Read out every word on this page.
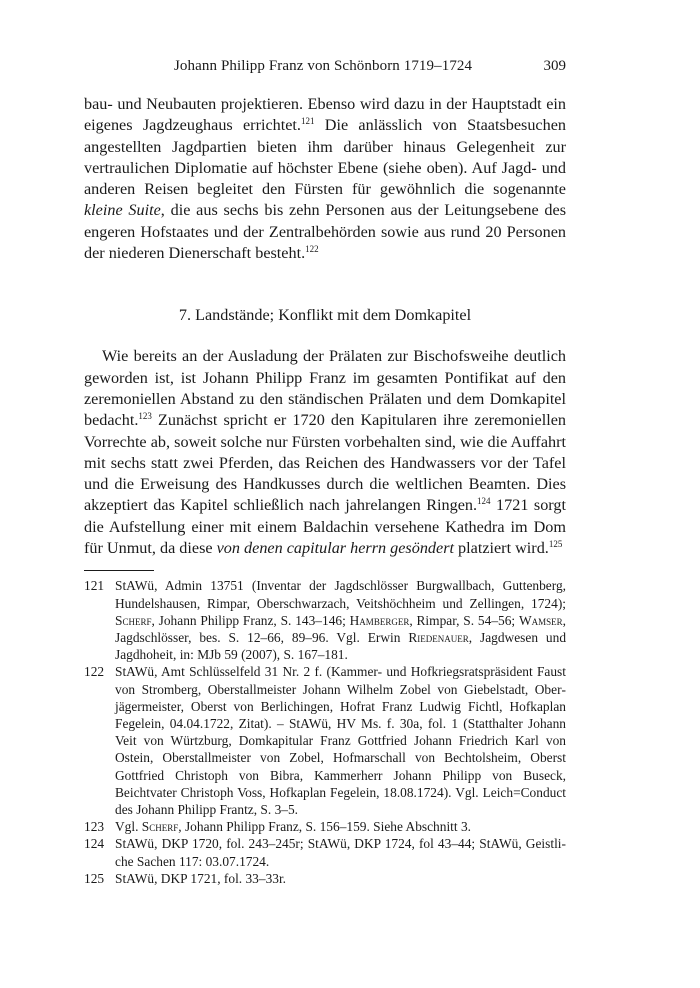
Johann Philipp Franz von Schönborn 1719–1724	309

bau- und Neubauten projektieren. Ebenso wird dazu in der Hauptstadt ein eigenes Jagdzeughaus errichtet.$^{121}$ Die anlässlich von Staatsbesuchen angestellten Jagdpartien bieten ihm darüber hinaus Gelegenheit zur vertraulichen Diplomatie auf höchster Ebene (siehe oben). Auf Jagd- und anderen Reisen begleitet den Fürsten für gewöhnlich die sogenannte kleine Suite, die aus sechs bis zehn Personen aus der Leitungsebene des engeren Hofstaates und der Zentralbehörden sowie aus rund 20 Personen der niederen Dienerschaft besteht.$^{122}$

7. Landstände; Konflikt mit dem Domkapitel

Wie bereits an der Ausladung der Prälaten zur Bischofsweihe deutlich geworden ist, ist Johann Philipp Franz im gesamten Pontifikat auf den zeremoniellen Abstand zu den ständischen Prälaten und dem Domkapitel bedacht.$^{123}$ Zunächst spricht er 1720 den Kapitularen ihre zeremoniellen Vorrechte ab, soweit solche nur Fürsten vorbehalten sind, wie die Auffahrt mit sechs statt zwei Pferden, das Reichen des Handwassers vor der Tafel und die Erweisung des Handkusses durch die weltlichen Beamten. Dies akzeptiert das Kapitel schließlich nach jahrelangen Ringen.$^{124}$ 1721 sorgt die Aufstellung einer mit einem Baldachin versehene Kathedra im Dom für Unmut, da diese von denen capitular herrn gesöndert platziert wird.$^{125}$

121 StAWü, Admin 13751 (Inventar der Jagdschlösser Burgwallbach, Guttenberg, Hundelshausen, Rimpar, Oberschwarzach, Veitshöchheim und Zellingen, 1724); Scherf, Johann Philipp Franz, S. 143–146; Hamberger, Rimpar, S. 54–56; Wamser, Jagdschlösser, bes. S. 12–66, 89–96. Vgl. Erwin Riedenauer, Jagdwesen und Jagdhoheit, in: MJb 59 (2007), S. 167–181.
122 StAWü, Amt Schlüsselfeld 31 Nr. 2 f. (Kammer- und Hofkriegsratspräsident Faust von Stromberg, Oberstallmeister Johann Wilhelm Zobel von Giebelstadt, Oberjägermeister, Oberst von Berlichingen, Hofrat Franz Ludwig Fichtl, Hofkaplan Fegelein, 04.04.1722, Zitat). – StAWü, HV Ms. f. 30a, fol. 1 (Statthalter Johann Veit von Würtzburg, Domkapitular Franz Gottfried Johann Friedrich Karl von Ostein, Oberstallmeister von Zobel, Hofmarschall von Bechtolsheim, Oberst Gottfried Christoph von Bibra, Kammerherr Johann Philipp von Buseck, Beichtvater Christoph Voss, Hofkaplan Fegelein, 18.08.1724). Vgl. Leich=Conduct des Johann Philipp Frantz, S. 3–5.
123 Vgl. Scherf, Johann Philipp Franz, S. 156–159. Siehe Abschnitt 3.
124 StAWü, DKP 1720, fol. 243–245r; StAWü, DKP 1724, fol 43–44; StAWü, Geistliche Sachen 117: 03.07.1724.
125 StAWü, DKP 1721, fol. 33–33r.
